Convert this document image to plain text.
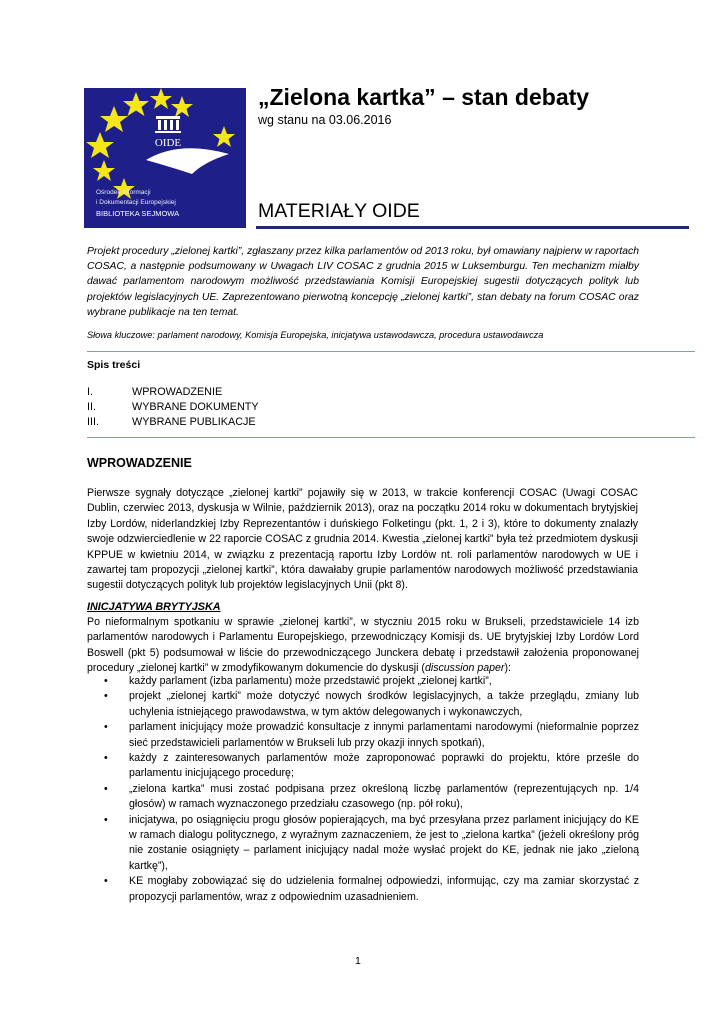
OIDE
Ośrodek Informacji
i Dokumentacji Europejskiej
BIBLIOTEKA SEJMOWA
„Zielona kartka” – stan debaty
wg stanu na 03.06.2016
MATERIAŁY OIDE
Projekt procedury „zielonej kartki”, zgłaszany przez kilka parlamentów od 2013 roku, był omawiany najpierw w raportach COSAC, a następnie podsumowany w Uwagach LIV COSAC z grudnia 2015 w Luksemburgu. Ten mechanizm miałby dawać parlamentom narodowym możliwość przedstawiania Komisji Europejskiej sugestii dotyczących polityk lub projektów legislacyjnych UE. Zaprezentowano pierwotną koncepcję „zielonej kartki”, stan debaty na forum COSAC oraz wybrane publikacje na ten temat.
Słowa kluczowe: parlament narodowy, Komisja Europejska, inicjatywa ustawodawcza, procedura ustawodawcza
Spis treści
I.	WPROWADZENIE
II.	WYBRANE DOKUMENTY
III.	WYBRANE PUBLIKACJE
WPROWADZENIE
Pierwsze sygnały dotyczące „zielonej kartki” pojawiły się w 2013, w trakcie konferencji COSAC (Uwagi COSAC Dublin, czerwiec 2013, dyskusja w Wilnie, październik 2013), oraz na początku 2014 roku w dokumentach brytyjskiej Izby Lordów, niderlandzkiej Izby Reprezentantów i duńskiego Folketingu (pkt. 1, 2 i 3), które to dokumenty znalazły swoje odzwierciedlenie w 22 raporcie COSAC z grudnia 2014. Kwestia „zielonej kartki” była też przedmiotem dyskusji KPPUE w kwietniu 2014, w związku z prezentacją raportu Izby Lordów nt. roli parlamentów narodowych w UE i zawartej tam propozycji „zielonej kartki”, która dawałaby grupie parlamentów narodowych możliwość przedstawiania sugestii dotyczących polityk lub projektów legislacyjnych Unii (pkt 8).
INICJATYWA BRYTYJSKA
Po nieformalnym spotkaniu w sprawie „zielonej kartki”, w styczniu 2015 roku w Brukseli, przedstawiciele 14 izb parlamentów narodowych i Parlamentu Europejskiego, przewodniczący Komisji ds. UE brytyjskiej Izby Lordów Lord Boswell (pkt 5) podsumował w liście do przewodniczącego Junckera debatę i przedstawił założenia proponowanej procedury „zielonej kartki” w zmodyfikowanym dokumencie do dyskusji (discussion paper):

• każdy parlament (izba parlamentu) może przedstawić projekt „zielonej kartki”,

• projekt „zielonej kartki” może dotyczyć nowych środków legislacyjnych, a także przeglądu, zmiany lub uchylenia istniejącego prawodawstwa, w tym aktów delegowanych i wykonawczych,

• parlament inicjujący może prowadzić konsultacje z innymi parlamentami narodowymi (nieformalnie poprzez sieć przedstawicieli parlamentów w Brukseli lub przy okazji innych spotkań),

• każdy z zainteresowanych parlamentów może zaproponować poprawki do projektu, które prześle do parlamentu inicjującego procedurę;

• „zielona kartka” musi zostać podpisana przez określoną liczbę parlamentów (reprezentujących np. 1/4 głosów) w ramach wyznaczonego przedziału czasowego (np. pół roku),

• inicjatywa, po osiągnięciu progu głosów popierających, ma być przesyłana przez parlament inicjujący do KE w ramach dialogu politycznego, z wyraźnym zaznaczeniem, że jest to „zielona kartka” (jeżeli określony próg nie zostanie osiągnięty – parlament inicjujący nadal może wysłać projekt do KE, jednak nie jako „zieloną kartkę”),

• KE mogłaby zobowiązać się do udzielenia formalnej odpowiedzi, informując, czy ma zamiar skorzystać z propozycji parlamentów, wraz z odpowiednim uzasadnieniem.

1
